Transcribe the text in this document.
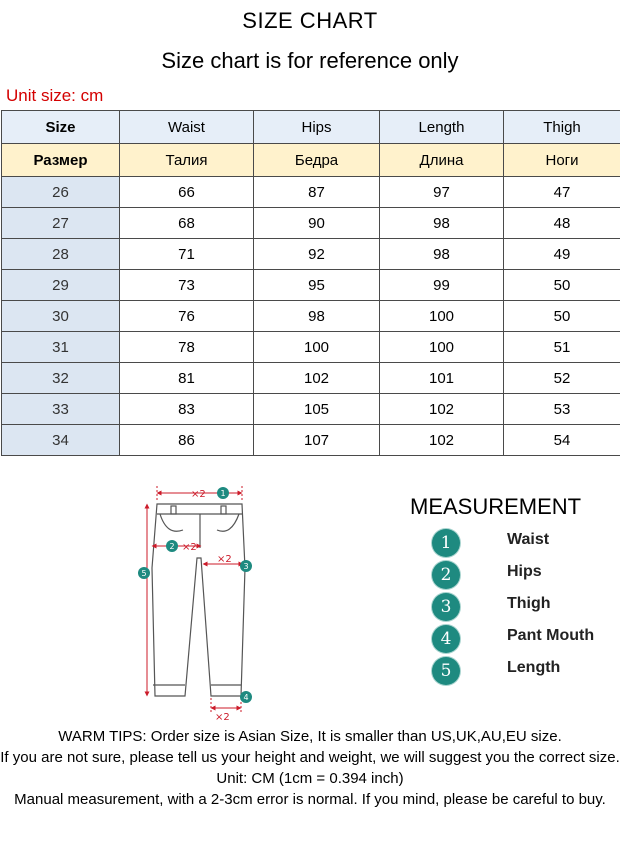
SIZE CHART
Size chart is for reference only
Unit size: cm
Size	Waist	Hips	Length	Thigh
Размер	Талия	Бедра	Длина	Ноги
26	66	87	97	47
27	68	90	98	48
28	71	92	98	49
29	73	95	99	50
30	76	98	100	50
31	78	100	100	51
32	81	102	101	52
33	83	105	102	53
34	86	107	102	54
×2
×2
×2
×2
1
2
3
4
5
MEASUREMENT
1	Waist
2	Hips
3	Thigh
4	Pant Mouth
5	Length
WARM TIPS: Order size is Asian Size, It is smaller than US,UK,AU,EU size.
If you are not sure, please tell us your height and weight, we will suggest you the correct size.
Unit: CM (1cm = 0.394 inch)
Manual measurement, with a 2-3cm error is normal. If you mind, please be careful to buy.
